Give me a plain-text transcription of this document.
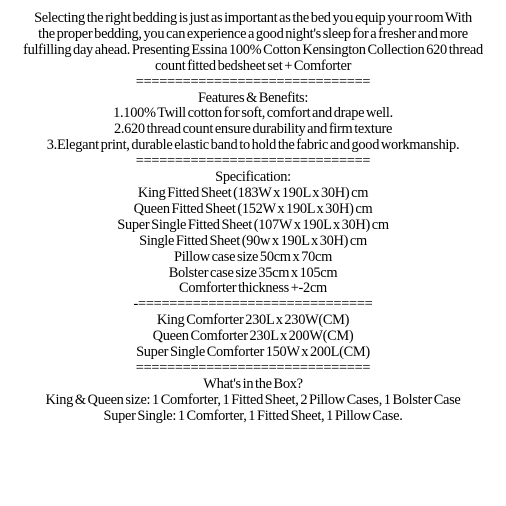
Selecting the right bedding is just as important as the bed you equip your room With
the proper bedding, you can experience a good night's sleep for a fresher and more
fulfilling day ahead. Presenting Essina 100% Cotton Kensington Collection 620 thread
count fitted bedsheet set + Comforter
==============================
Features & Benefits:
1.100% Twill cotton for soft, comfort and drape well.
2.620 thread count ensure durability and firm texture
3.Elegant print, durable elastic band to hold the fabric and good workmanship.
==============================
Specification:
King Fitted Sheet (183W x 190L x 30H) cm
Queen Fitted Sheet (152W x 190L x 30H) cm
Super Single Fitted Sheet (107W x 190L x 30H) cm
Single Fitted Sheet (90w x 190L x 30H) cm
Pillow case size 50cm x 70cm
Bolster case size 35cm x 105cm
Comforter thickness +-2cm
-==============================
King Comforter 230L x 230W(CM)
Queen Comforter 230L x 200W(CM)
Super Single Comforter 150W x 200L(CM)
==============================
What's in the Box?
King & Queen size: 1 Comforter, 1 Fitted Sheet, 2 Pillow Cases, 1 Bolster Case
Super Single: 1 Comforter, 1 Fitted Sheet, 1 Pillow Case.
